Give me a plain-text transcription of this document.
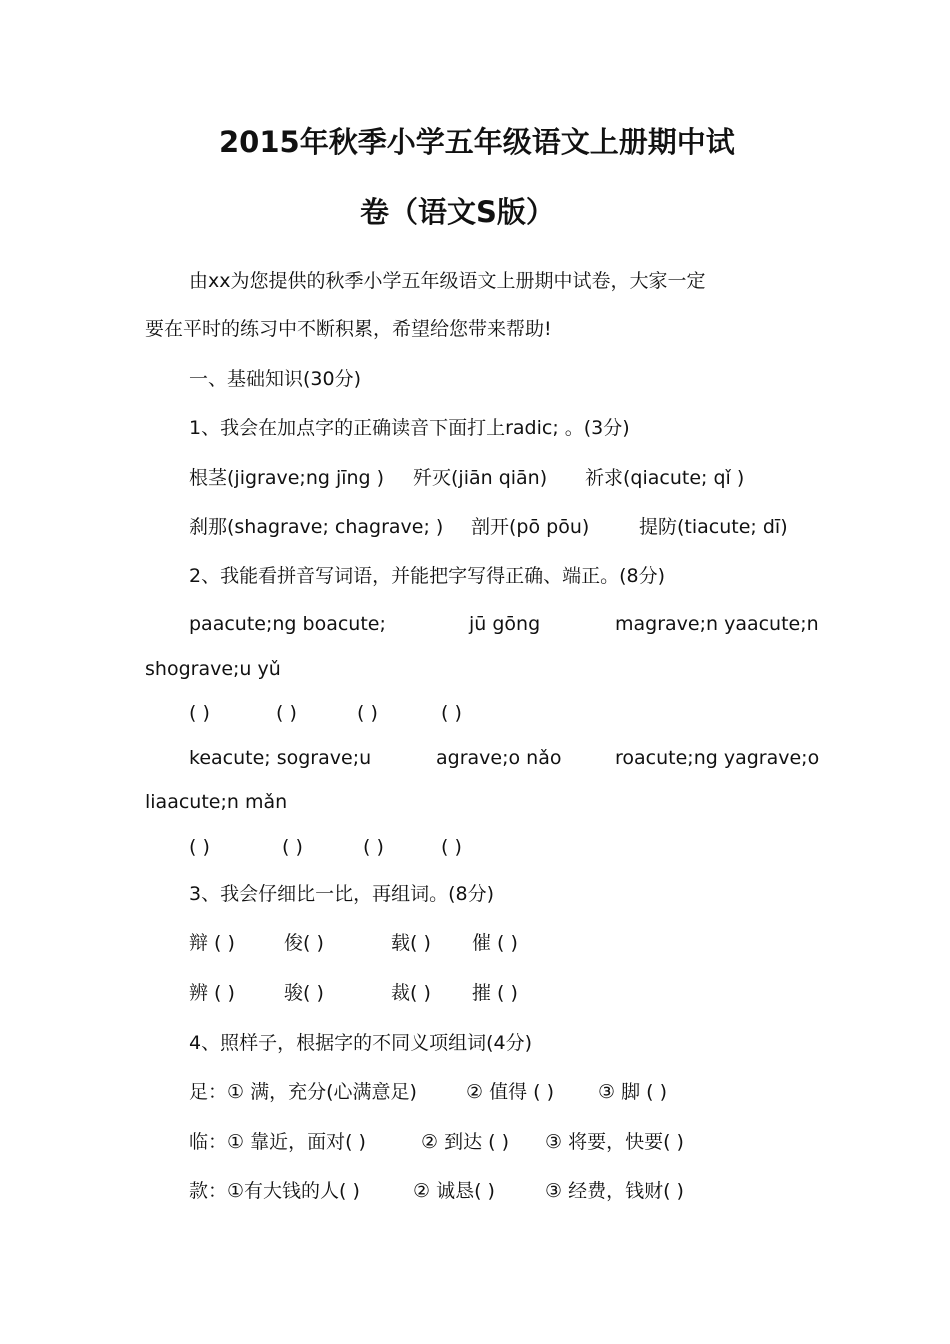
2015年秋季小学五年级语文上册期中试
卷（语文S版）

由xx为您提供的秋季小学五年级语文上册期中试卷，大家一定

要在平时的练习中不断积累，希望给您带来帮助!

一、基础知识(30分)

1、我会在加点字的正确读音下面打上radic; 。(3分)

根茎(jigrave;ng jīng ) 歼灭(jiān qiān) 祈求(qiacute; qǐ )
刹那(shagrave; chagrave; ) 剖开(pō pōu)	提防(tiacute; dī)

2、我能看拼音写词语，并能把字写得正确、端正。(8分)

paacute;ng boacute;	jū gōng	magrave;n yaacute;n

shograve;u yǔ

( )	( )	( )	( )
keacute; sograve;u	agrave;o nǎo	roacute;ng yagrave;o

liaacute;n mǎn

( )	( )	( )	( )

3、我会仔细比一比，再组词。(8分)

辩 ( )	俊( )	载( ) 催 ( )
辨 ( )	骏( )	裁( ) 摧 ( )

4、照样子，根据字的不同义项组词(4分)

足：① 满，充分(心满意足)	② 值得 ( ) ③ 脚 ( )
临：① 靠近，面对( )	② 到达 ( ) ③ 将要，快要( )
款：①有大钱的人( )	② 诚恳( )	③ 经费，钱财( )
